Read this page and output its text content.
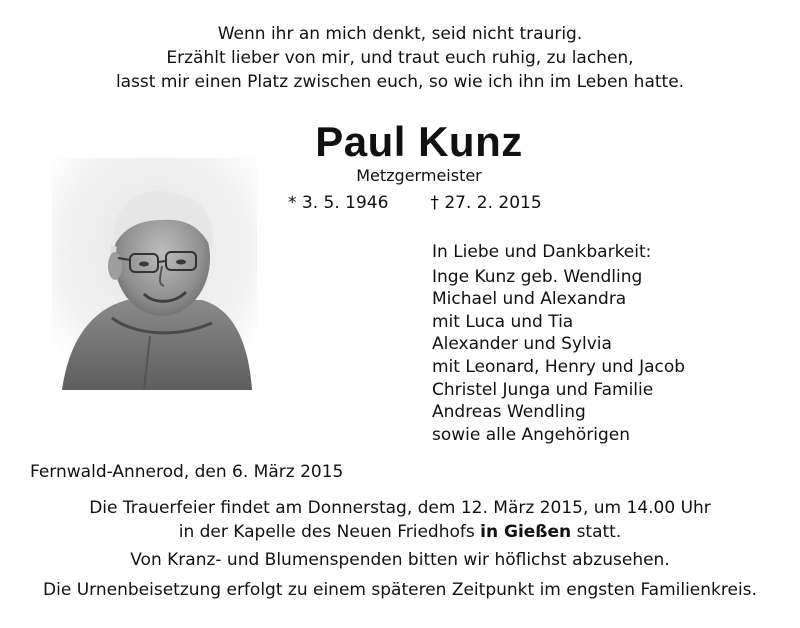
Wenn ihr an mich denkt, seid nicht traurig.
Erzählt lieber von mir, und traut euch ruhig, zu lachen,
lasst mir einen Platz zwischen euch, so wie ich ihn im Leben hatte.
Paul Kunz
Metzgermeister
* 3. 5. 1946 † 27. 2. 2015
In Liebe und Dankbarkeit:
Inge Kunz geb. Wendling
Michael und Alexandra
mit Luca und Tia
Alexander und Sylvia
mit Leonard, Henry und Jacob
Christel Junga und Familie
Andreas Wendling
sowie alle Angehörigen
Fernwald-Annerod, den 6. März 2015
Die Trauerfeier findet am Donnerstag, dem 12. März 2015, um 14.00 Uhr
in der Kapelle des Neuen Friedhofs in Gießen statt.
Von Kranz- und Blumenspenden bitten wir höflichst abzusehen.
Die Urnenbeisetzung erfolgt zu einem späteren Zeitpunkt im engsten Familienkreis.
